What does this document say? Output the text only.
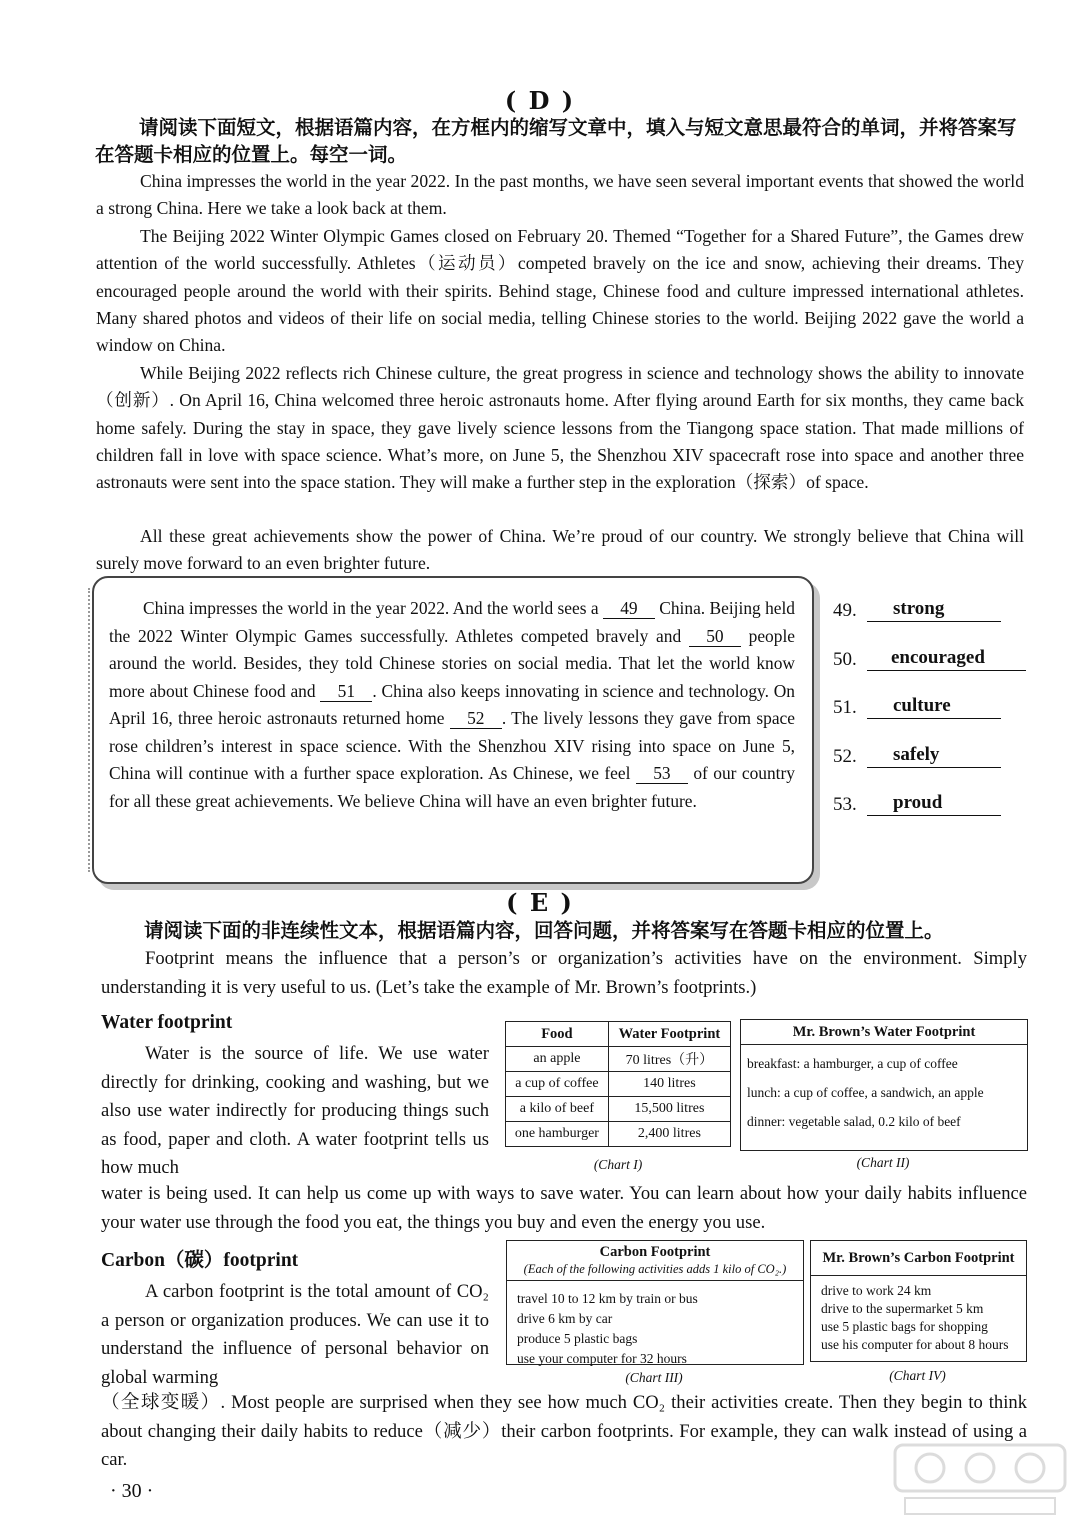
( D )
请阅读下面短文，根据语篇内容，在方框内的缩写文章中，填入与短文意思最符合的单词，并将答案写在答题卡相应的位置上。每空一词。
China impresses the world in the year 2022. In the past months, we have seen several important events that showed the world a strong China. Here we take a look back at them.
The Beijing 2022 Winter Olympic Games closed on February 20. Themed “Together for a Shared Future”, the Games drew attention of the world successfully. Athletes（运动员）competed bravely on the ice and snow, achieving their dreams. They encouraged people around the world with their spirits. Behind stage, Chinese food and culture impressed international athletes. Many shared photos and videos of their life on social media, telling Chinese stories to the world. Beijing 2022 gave the world a window on China.
While Beijing 2022 reflects rich Chinese culture, the great progress in science and technology shows the ability to innovate（创新）. On April 16, China welcomed three heroic astronauts home. After flying around Earth for six months, they came back home safely. During the stay in space, they gave lively science lessons from the Tiangong space station. That made millions of children fall in love with space science. What’s more, on June 5, the Shenzhou XIV spacecraft rose into space and another three astronauts were sent into the space station. They will make a further step in the exploration（探索）of space.
All these great achievements show the power of China. We’re proud of our country. We strongly believe that China will surely move forward to an even brighter future.
China impresses the world in the year 2022. And the world sees a 49 China. Beijing held the 2022 Winter Olympic Games successfully. Athletes competed bravely and 50 people around the world. Besides, they told Chinese stories on social media. That let the world know more about Chinese food and 51 . China also keeps innovating in science and technology. On April 16, three heroic astronauts returned home 52 . The lively lessons they gave from space rose children’s interest in space science. With the Shenzhou XIV rising into space on June 5, China will continue with a further space exploration. As Chinese, we feel 53 of our country for all these great achievements. We believe China will have an even brighter future.
49.	strong
50.	encouraged
51.	culture
52.	safely
53.	proud
( E )
请阅读下面的非连续性文本，根据语篇内容，回答问题，并将答案写在答题卡相应的位置上。
Footprint means the influence that a person’s or organization’s activities have on the environment. Simply understanding it is very useful to us. (Let’s take the example of Mr. Brown’s footprints.)
Water footprint
Water is the source of life. We use water directly for drinking, cooking and washing, but we also use water indirectly for producing things such as food, paper and cloth. A water footprint tells us how much
water is being used. It can help us come up with ways to save water. You can learn about how your daily habits influence your water use through the food you eat, the things you buy and even the energy you use.
Food	Water Footprint
an apple	70 litres（升）
a cup of coffee	140 litres
a kilo of beef	15,500 litres
one hamburger	2,400 litres
(Chart I)
Mr. Brown’s Water Footprint
breakfast: a hamburger, a cup of coffee
lunch: a cup of coffee, a sandwich, an apple
dinner: vegetable salad, 0.2 kilo of beef
(Chart II)
Carbon（碳）footprint
A carbon footprint is the total amount of CO₂ a person or organization produces. We can use it to understand the influence of personal behavior on global warming
（全球变暖）. Most people are surprised when they see how much CO₂ their activities create. Then they begin to think about changing their daily habits to reduce（减少）their carbon footprints. For example, they can walk instead of using a car.
Carbon Footprint
(Each of the following activities adds 1 kilo of CO₂.)
travel 10 to 12 km by train or bus
drive 6 km by car
produce 5 plastic bags
use your computer for 32 hours
(Chart III)
Mr. Brown’s Carbon Footprint
drive to work 24 km
drive to the supermarket 5 km
use 5 plastic bags for shopping
use his computer for about 8 hours
(Chart IV)
· 30 ·
